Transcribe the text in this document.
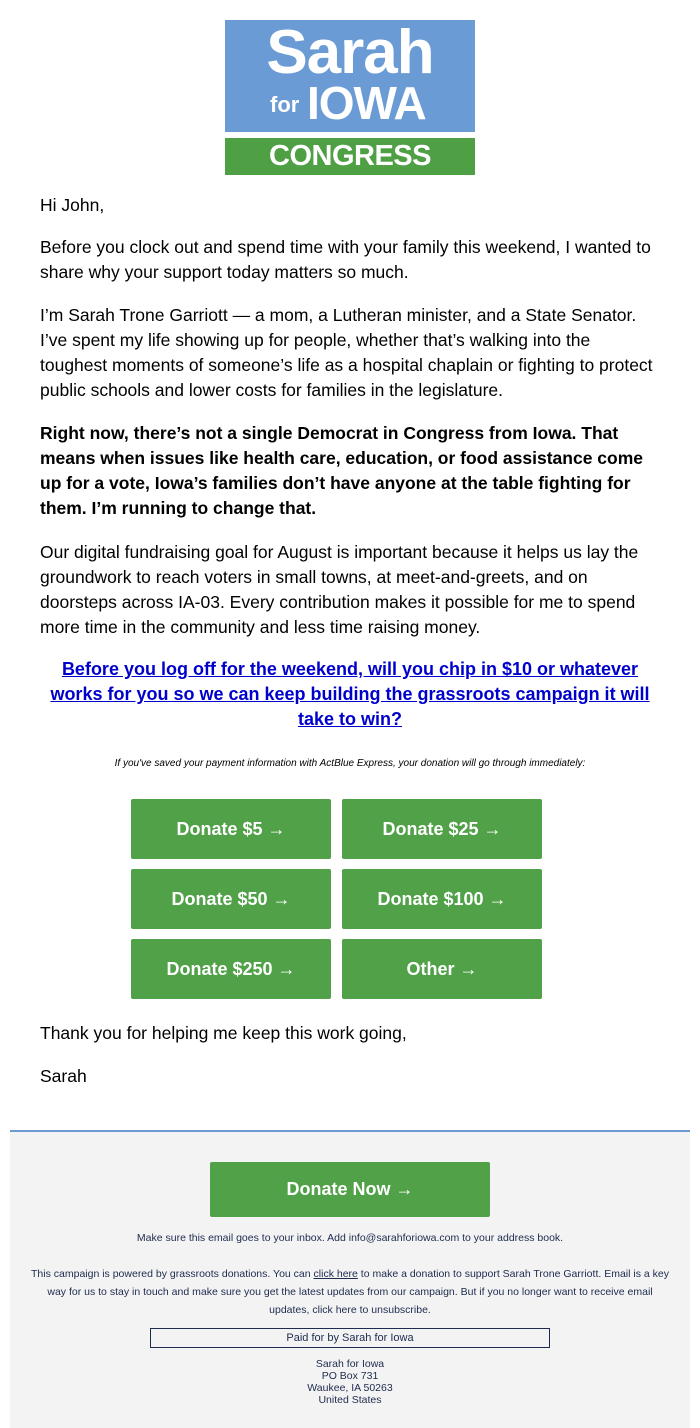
Sarah
for IOWA
CONGRESS

Hi John,

Before you clock out and spend time with your family this weekend, I wanted to share why your support today matters so much.

I’m Sarah Trone Garriott — a mom, a Lutheran minister, and a State Senator. I’ve spent my life showing up for people, whether that’s walking into the toughest moments of someone’s life as a hospital chaplain or fighting to protect public schools and lower costs for families in the legislature.

Right now, there’s not a single Democrat in Congress from Iowa. That means when issues like health care, education, or food assistance come up for a vote, Iowa’s families don’t have anyone at the table fighting for them. I’m running to change that.

Our digital fundraising goal for August is important because it helps us lay the groundwork to reach voters in small towns, at meet-and-greets, and on doorsteps across IA-03. Every contribution makes it possible for me to spend more time in the community and less time raising money.

Before you log off for the weekend, will you chip in $10 or whatever works for you so we can keep building the grassroots campaign it will take to win?
If you've saved your payment information with ActBlue Express, your donation will go through immediately:
Donate $5 →	Donate $25 →
Donate $50 →	Donate $100 →
Donate $250 →	Other →

Thank you for helping me keep this work going,

Sarah

Donate Now →

Make sure this email goes to your inbox. Add info@sarahforiowa.com to your address book.

This campaign is powered by grassroots donations. You can click here to make a donation to support Sarah Trone Garriott. Email is a key way for us to stay in touch and make sure you get the latest updates from our campaign. But if you no longer want to receive email updates, click here to unsubscribe.

Paid for by Sarah for Iowa
Sarah for Iowa
PO Box 731
Waukee, IA 50263
United States
